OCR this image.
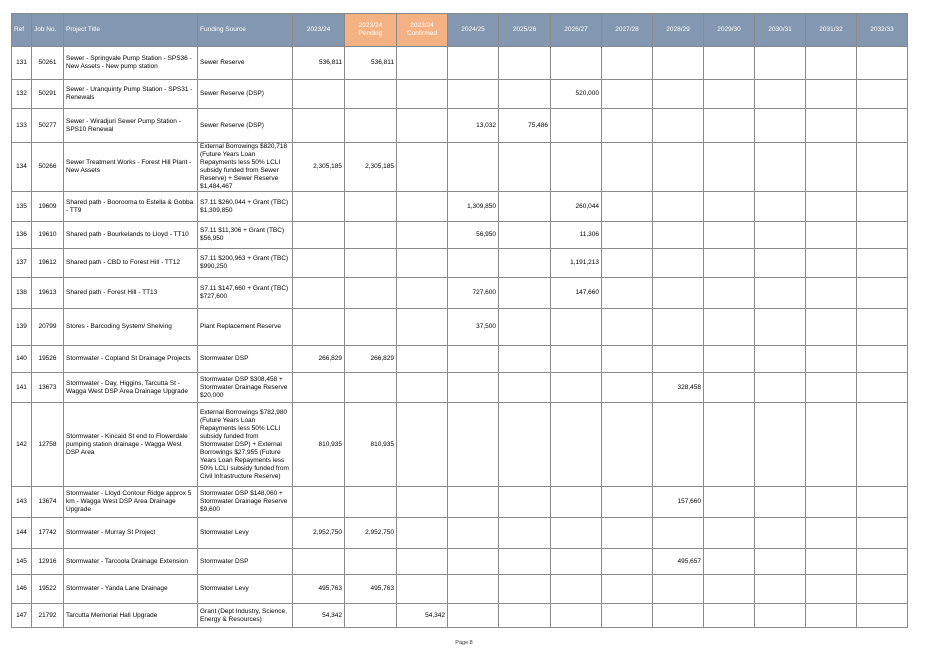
Ref	Job No.	Project Title	Funding Source	2023/24	2023/24 Pending	2023/24 Confirmed	2024/25	2025/26	2026/27	2027/28	2028/29	2029/30	2030/31	2031/32	2032/33
131	50261	Sewer - Springvale Pump Station - SPS36 - New Assets - New pump station	Sewer Reserve	536,811	536,811										
132	50291	Sewer - Uranquinty Pump Station - SPS31 - Renewals	Sewer Reserve (DSP)						520,000						
133	50277	Sewer - Wiradjuri Sewer Pump Station - SPS10 Renewal	Sewer Reserve (DSP)				13,032	75,486							
134	50266	Sewer Treatment Works - Forest Hill Plant - New Assets	External Borrowings $820,718 (Future Years Loan Repayments less 50% LCLI subsidy funded from Sewer Reserve) + Sewer Reserve $1,484,467	2,305,185	2,305,185										
135	19609	Shared path - Boorooma to Estella & Gobba - TT9	S7.11 $260,044 + Grant (TBC) $1,309,850				1,309,850		260,044						
136	19610	Shared path - Bourkelands to Lloyd - TT10	S7.11 $11,306 + Grant (TBC) $56,950				56,950		11,306						
137	19612	Shared path - CBD to Forest Hill - TT12	S7.11 $200,963 + Grant (TBC) $990,250						1,191,213						
138	19613	Shared path - Forest Hill - TT13	S7.11 $147,660 + Grant (TBC) $727,600				727,600		147,660						
139	20799	Stores - Barcoding System/ Shelving	Plant Replacement Reserve				37,500								
140	19526	Stormwater - Copland St Drainage Projects	Stormwater DSP	266,829	266,829										
141	13673	Stormwater - Day, Higgins, Tarcutta St - Wagga West DSP Area Drainage Upgrade	Stormwater DSP $308,458 + Stormwater Drainage Reserve $20,000								328,458				
142	12758	Stormwater - Kincaid St end to Flowerdale pumping station drainage - Wagga West DSP Area	External Borrowings $782,980 (Future Years Loan Repayments less 50% LCLI subsidy funded from Stormwater DSP) + External Borrowings $27,955 (Future Years Loan Repayments less 50% LCLI subsidy funded from Civil Infrastructure Reserve)	810,935	810,935										
143	13674	Stormwater - Lloyd Contour Ridge approx 5 km - Wagga West DSP Area Drainage Upgrade	Stormwater DSP $148,060 + Stormwater Drainage Reserve $9,600								157,660				
144	17742	Stormwater - Murray St Project	Stormwater Levy	2,952,750	2,952,750										
145	12916	Stormwater - Tarcoola Drainage Extension	Stormwater DSP								495,657				
146	19522	Stormwater - Yanda Lane Drainage	Stormwater Levy	495,763	495,763										
147	21792	Tarcutta Memorial Hall Upgrade	Grant (Dept Industry, Science, Energy & Resources)	54,342		54,342									
Page 8
